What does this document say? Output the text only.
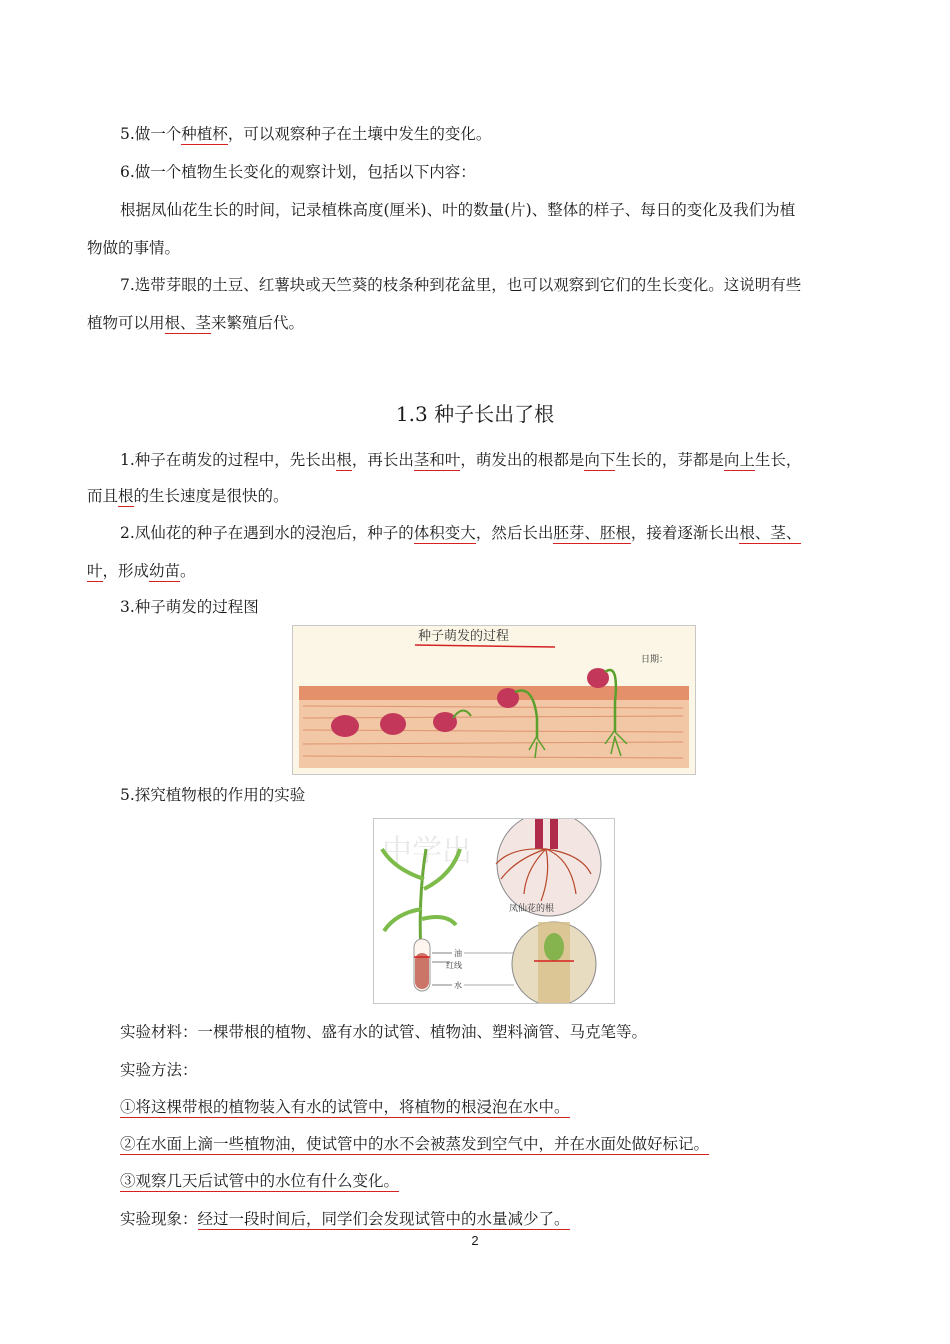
5.做一个种植杯，可以观察种子在土壤中发生的变化。
6.做一个植物生长变化的观察计划，包括以下内容：
根据凤仙花生长的时间，记录植株高度(厘米)、叶的数量(片)、整体的样子、每日的变化及我们为植
物做的事情。
7.选带芽眼的土豆、红薯块或天竺葵的枝条种到花盆里，也可以观察到它们的生长变化。这说明有些
植物可以用根、茎来繁殖后代。
1.3 种子长出了根
1.种子在萌发的过程中，先长出根，再长出茎和叶，萌发出的根都是向下生长的，芽都是向上生长，
而且根的生长速度是很快的。
2.凤仙花的种子在遇到水的浸泡后，种子的体积变大，然后长出胚芽、胚根，接着逐渐长出根、茎、
叶，形成幼苗。
3.种子萌发的过程图
种子萌发的过程
日期：
5.探究植物根的作用的实验
中学出
油
红线
水
凤仙花的根
实验材料：一棵带根的植物、盛有水的试管、植物油、塑料滴管、马克笔等。
实验方法：
①将这棵带根的植物装入有水的试管中，将植物的根浸泡在水中。
②在水面上滴一些植物油，使试管中的水不会被蒸发到空气中，并在水面处做好标记。
③观察几天后试管中的水位有什么变化。
实验现象：经过一段时间后，同学们会发现试管中的水量减少了。
2
